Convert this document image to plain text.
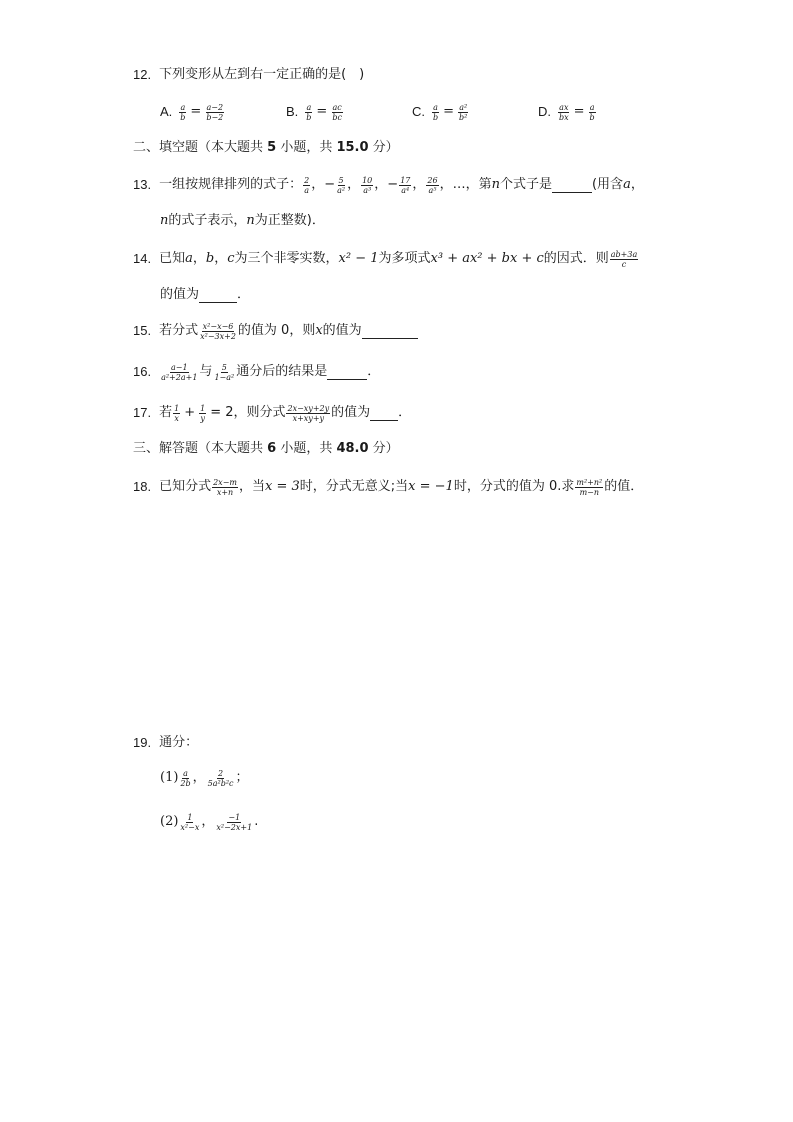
12. 下列变形从左到右一定正确的是(　)
A. $\frac{a}{b} = \frac{a-2}{b-2}$	B. $\frac{a}{b} = \frac{ac}{bc}$	C. $\frac{a}{b} = \frac{\text{a²}}{\text{b²}}$	D. $\frac{ax}{bx} = \frac{a}{b}$
二、填空题（本大题共 5 小题，共 15.0 分）
13. 一组按规律排列的式子： $\frac{2}{a}$ ，− $\frac{5}{\text{a²}}$ ， $\frac{10}{\text{a³}}$ ，− $\frac{17}{\text{a⁴}}$ ， $\frac{26}{\text{a⁵}}$ ，…，第 n 个式子是	(用含 a ，
n 的式子表示， n 为正整数)．
14. 已知 a ， b ， c 为三个非零实数， x² − 1 为多项式 x³ + ax² + bx + c 的因式．则 $\frac{ab+3a}{c}$
的值为	．
15. 若分式 $\frac{\text{x²−x−6}}{\text{x²−3x+2}}$ 的值为 0，则 x 的值为
16. $\frac{a-1}{\text{a²+2a+1}}$ 与 $\frac{5}{\text{1−a²}}$ 通分后的结果是	．
17. 若 $\frac{1}{x} + \frac{1}{y} = 2$，则分式 $\frac{2x-xy+2y}{x+xy+y}$ 的值为 ．
三、解答题（本大题共 6 小题，共 48.0 分）
18. 已知分式 $\frac{2x-m}{x+n}$ ，当 x = 3 时，分式无意义;当 x = −1 时，分式的值为 0.求 $\frac{\text{m²+n²}}{m-n}$ 的值．
19. 通分：
$(1) \frac{a}{2b}$ ， $\frac{2}{\text{5a²b²c}}$ ；
$(2) \frac{1}{\text{x²−x}}$ ， $\frac{-1}{\text{x²−2x+1}}$ .
